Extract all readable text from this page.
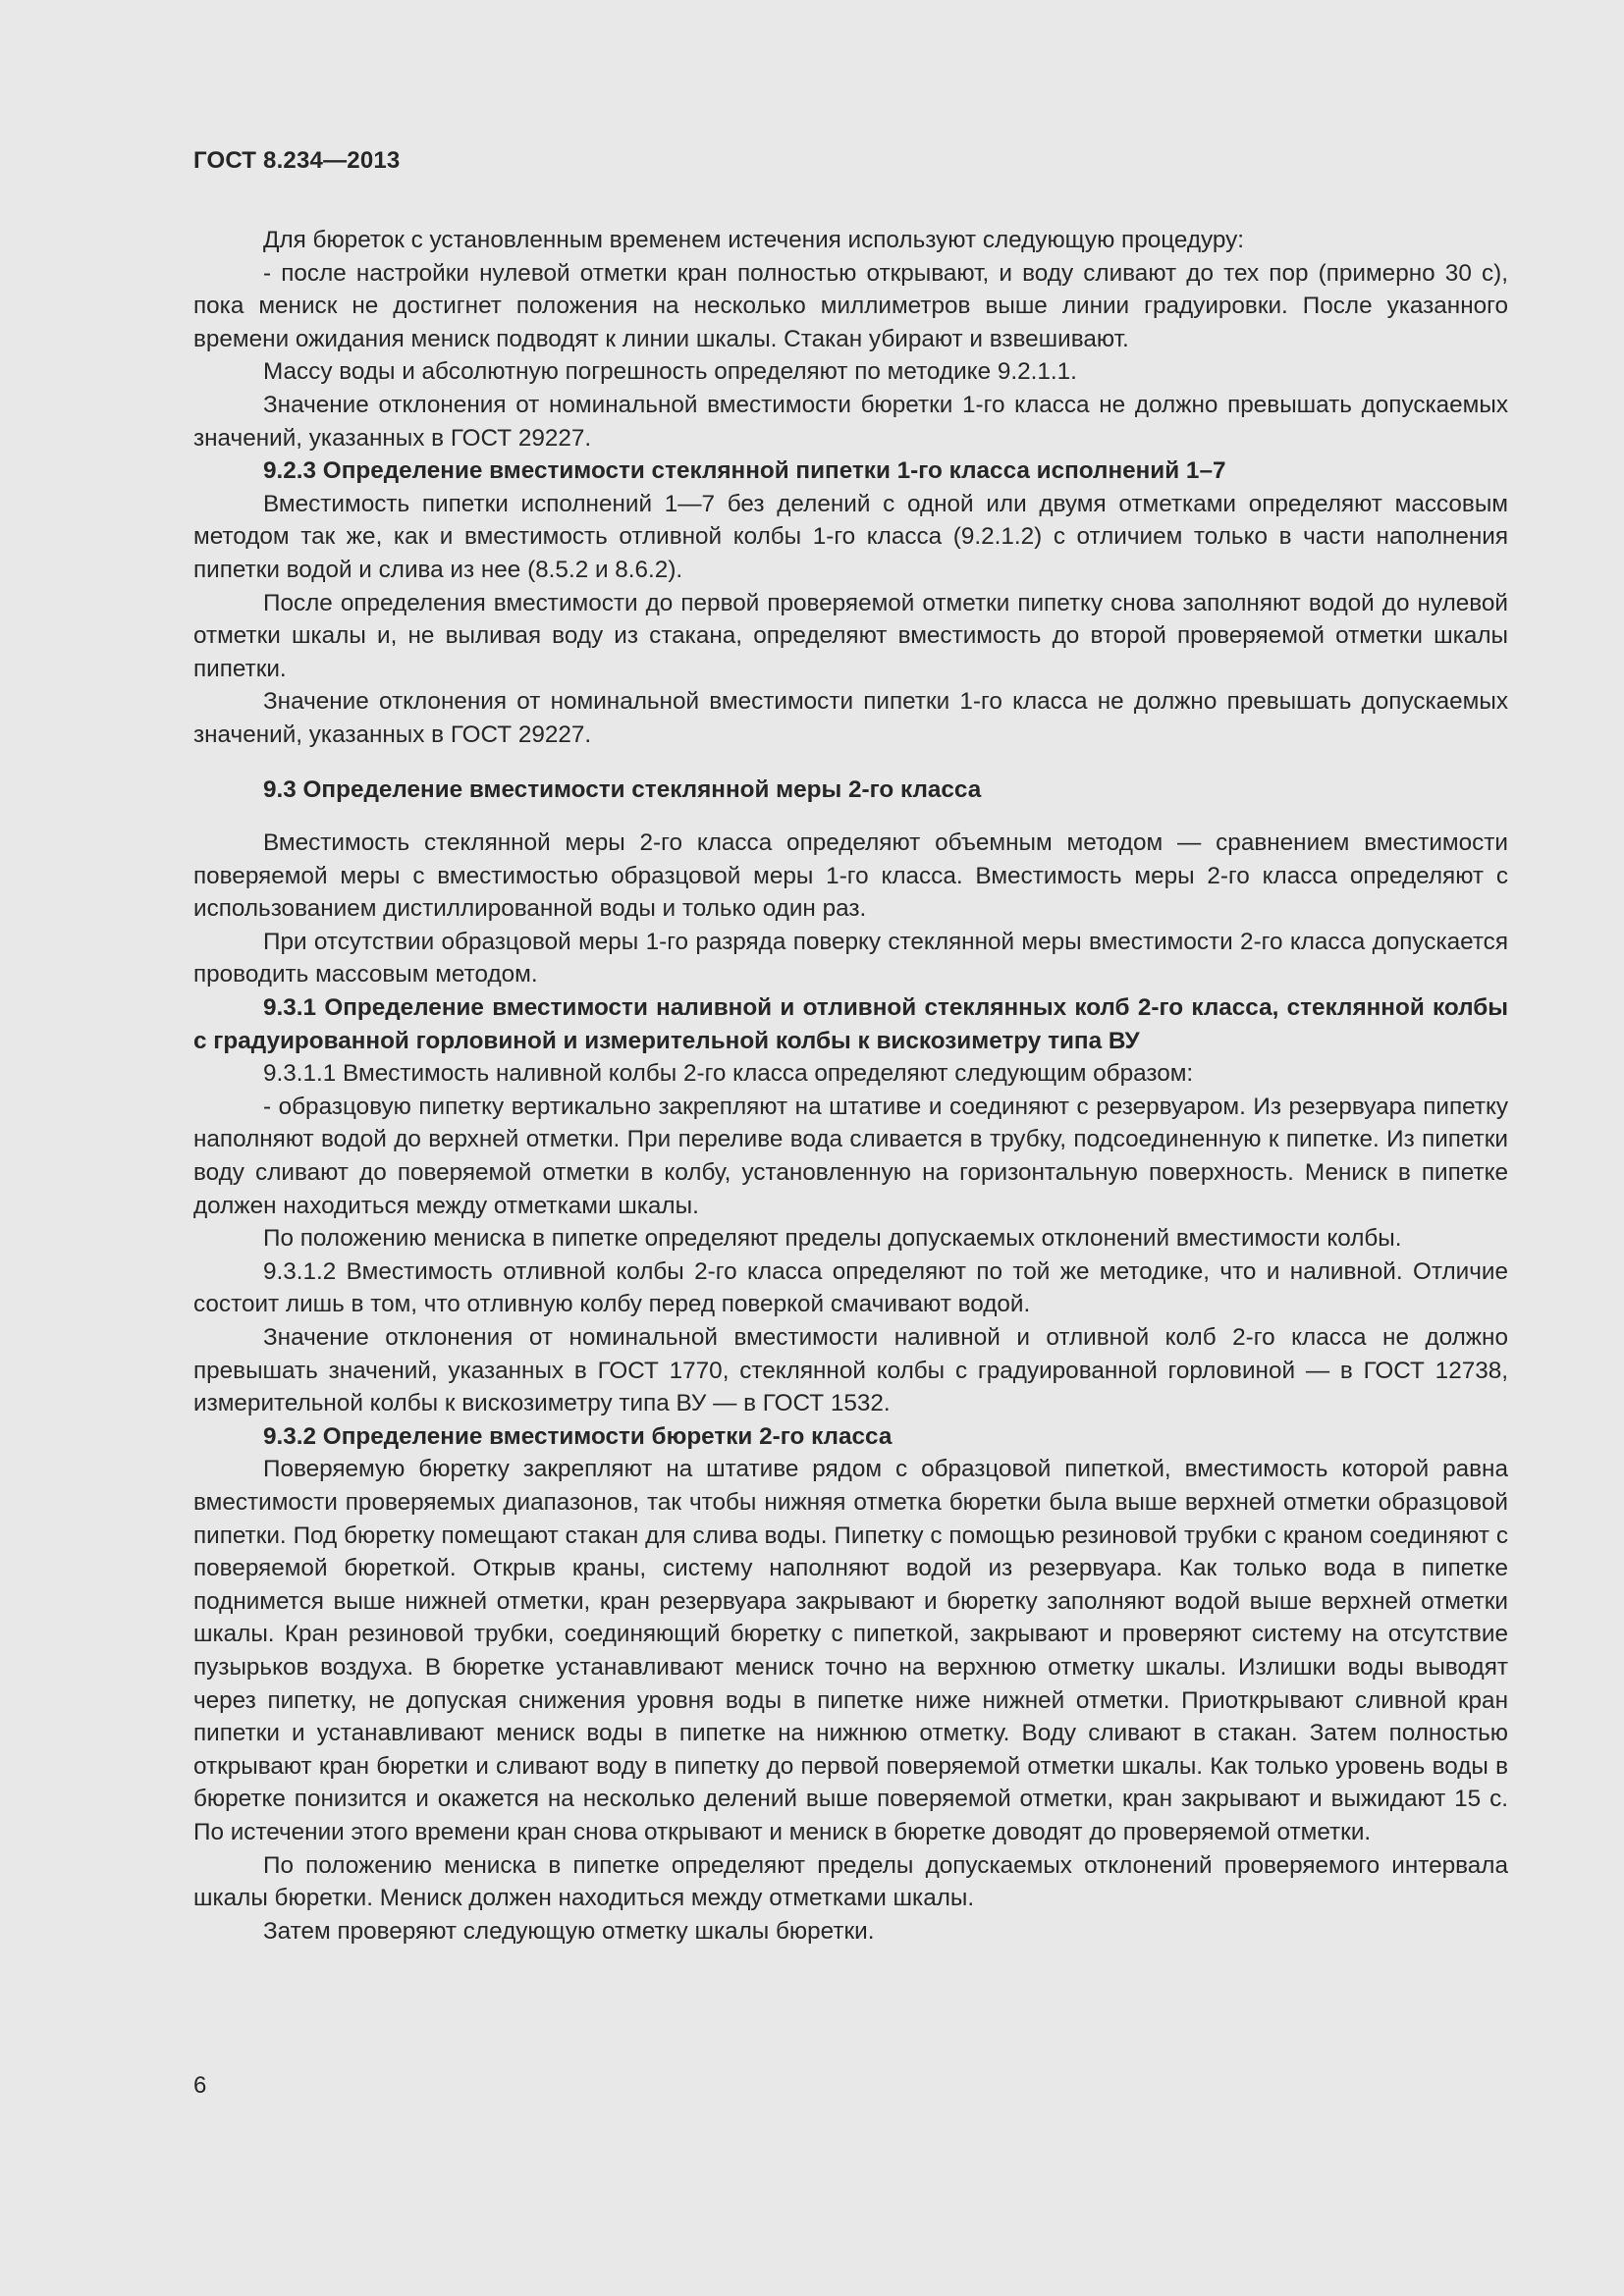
ГОСТ 8.234—2013

Для бюреток с установленным временем истечения используют следующую процедуру:

- после настройки нулевой отметки кран полностью открывают, и воду сливают до тех пор (примерно 30 с), пока мениск не достигнет положения на несколько миллиметров выше линии градуировки. После указанного времени ожидания мениск подводят к линии шкалы. Стакан убирают и взвешивают.

Массу воды и абсолютную погрешность определяют по методике 9.2.1.1.

Значение отклонения от номинальной вместимости бюретки 1-го класса не должно превышать допускаемых значений, указанных в ГОСТ 29227.

9.2.3 Определение вместимости стеклянной пипетки 1-го класса исполнений 1–7

Вместимость пипетки исполнений 1—7 без делений с одной или двумя отметками определяют массовым методом так же, как и вместимость отливной колбы 1-го класса (9.2.1.2) с отличием только в части наполнения пипетки водой и слива из нее (8.5.2 и 8.6.2).

После определения вместимости до первой проверяемой отметки пипетку снова заполняют водой до нулевой отметки шкалы и, не выливая воду из стакана, определяют вместимость до второй проверяемой отметки шкалы пипетки.

Значение отклонения от номинальной вместимости пипетки 1-го класса не должно превышать допускаемых значений, указанных в ГОСТ 29227.

9.3 Определение вместимости стеклянной меры 2-го класса

Вместимость стеклянной меры 2-го класса определяют объемным методом — сравнением вместимости поверяемой меры с вместимостью образцовой меры 1-го класса. Вместимость меры 2-го класса определяют с использованием дистиллированной воды и только один раз.

При отсутствии образцовой меры 1-го разряда поверку стеклянной меры вместимости 2-го класса допускается проводить массовым методом.

9.3.1 Определение вместимости наливной и отливной стеклянных колб 2-го класса, стеклянной колбы с градуированной горловиной и измерительной колбы к вискозиметру типа ВУ

9.3.1.1 Вместимость наливной колбы 2-го класса определяют следующим образом:

- образцовую пипетку вертикально закрепляют на штативе и соединяют с резервуаром. Из резервуара пипетку наполняют водой до верхней отметки. При переливе вода сливается в трубку, подсоединенную к пипетке. Из пипетки воду сливают до поверяемой отметки в колбу, установленную на горизонтальную поверхность. Мениск в пипетке должен находиться между отметками шкалы.

По положению мениска в пипетке определяют пределы допускаемых отклонений вместимости колбы.

9.3.1.2 Вместимость отливной колбы 2-го класса определяют по той же методике, что и наливной. Отличие состоит лишь в том, что отливную колбу перед поверкой смачивают водой.

Значение отклонения от номинальной вместимости наливной и отливной колб 2-го класса не должно превышать значений, указанных в ГОСТ 1770, стеклянной колбы с градуированной горловиной — в ГОСТ 12738, измерительной колбы к вискозиметру типа ВУ — в ГОСТ 1532.

9.3.2 Определение вместимости бюретки 2-го класса

Поверяемую бюретку закрепляют на штативе рядом с образцовой пипеткой, вместимость которой равна вместимости проверяемых диапазонов, так чтобы нижняя отметка бюретки была выше верхней отметки образцовой пипетки. Под бюретку помещают стакан для слива воды. Пипетку с помощью резиновой трубки с краном соединяют с поверяемой бюреткой. Открыв краны, систему наполняют водой из резервуара. Как только вода в пипетке поднимется выше нижней отметки, кран резервуара закрывают и бюретку заполняют водой выше верхней отметки шкалы. Кран резиновой трубки, соединяющий бюретку с пипеткой, закрывают и проверяют систему на отсутствие пузырьков воздуха. В бюретке устанавливают мениск точно на верхнюю отметку шкалы. Излишки воды выводят через пипетку, не допуская снижения уровня воды в пипетке ниже нижней отметки. Приоткрывают сливной кран пипетки и устанавливают мениск воды в пипетке на нижнюю отметку. Воду сливают в стакан. Затем полностью открывают кран бюретки и сливают воду в пипетку до первой поверяемой отметки шкалы. Как только уровень воды в бюретке понизится и окажется на несколько делений выше поверяемой отметки, кран закрывают и выжидают 15 с. По истечении этого времени кран снова открывают и мениск в бюретке доводят до проверяемой отметки.

По положению мениска в пипетке определяют пределы допускаемых отклонений проверяемого интервала шкалы бюретки. Мениск должен находиться между отметками шкалы.

Затем проверяют следующую отметку шкалы бюретки.

6
